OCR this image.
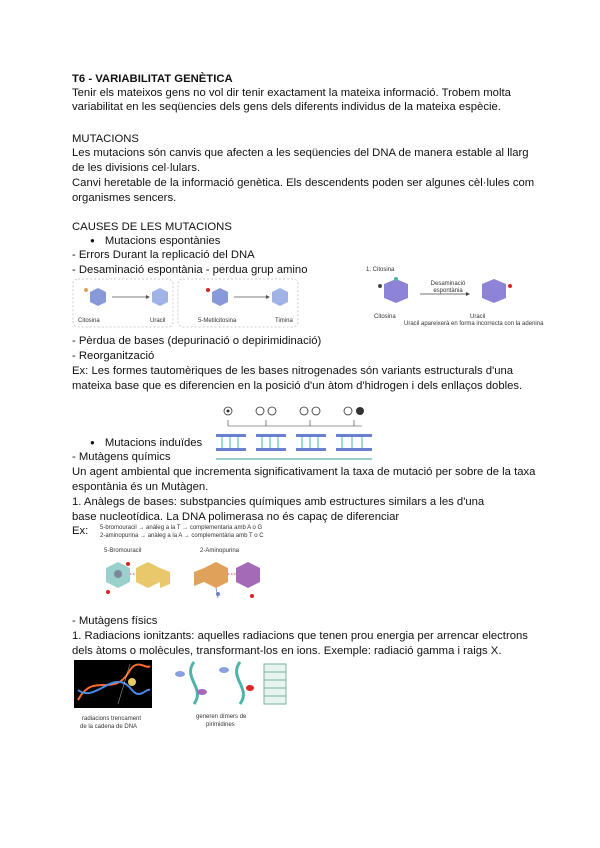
T6 - VARIABILITAT GENÈTICA
Tenir els mateixos gens no vol dir tenir exactament la mateixa informació. Trobem molta
variabilitat en les seqüencies dels gens dels diferents individus de la mateixa espècie.
MUTACIONS
Les mutacions són canvis que afecten a les seqüencies del DNA de manera estable al llarg
de les divisions cel·lulars.
Canvi heretable de la informació genètica. Els descendents poden ser algunes cèl·lules com
organismes sencers.
CAUSES DE LES MUTACIONS
● Mutacions espontànies
- Errors Durant la replicació del DNA
- Desaminació espontània - perdua grup amino
Citosina	Uracil	5-Metilcitosina	Timina
1. Citosina
Desaminació espontània
Citosina	Uracil
Uracil apareixerà en forma incorrecta con la adenina
- Pèrdua de bases (depurinació o depirimidinació)
- Reorganització
Ex: Les formes tautomèriques de les bases nitrogenades són variants estructurals d'una
mateixa base que es diferencien en la posició d'un àtom d'hidrogen i dels enllaços dobles.
● Mutacions induïdes
- Mutàgens químics
Un agent ambiental que incrementa significativament la taxa de mutació per sobre de la taxa
espontània és un Mutàgen.
1. Anàlegs de bases: substpancies químiques amb estructures similars a les d'una
base nucleotídica. La DNA polimerasa no és capaç de diferenciar
Ex: 5-bromouracil → anàleg a la T → complementaria amb A o G
2-aminopurina → anàleg a la A → complementària amb T o C
5-Bromouracil	2-Aminopurina
- Mutàgens físics
1. Radiacions ionitzants: aquelles radiacions que tenen prou energia per arrencar electrons
dels àtoms o molècules, transformant-los en ions. Exemple: radiació gamma i raigs X.
radiacions trencament
de la cadena de DNA
generen dímers de
pirimidines
